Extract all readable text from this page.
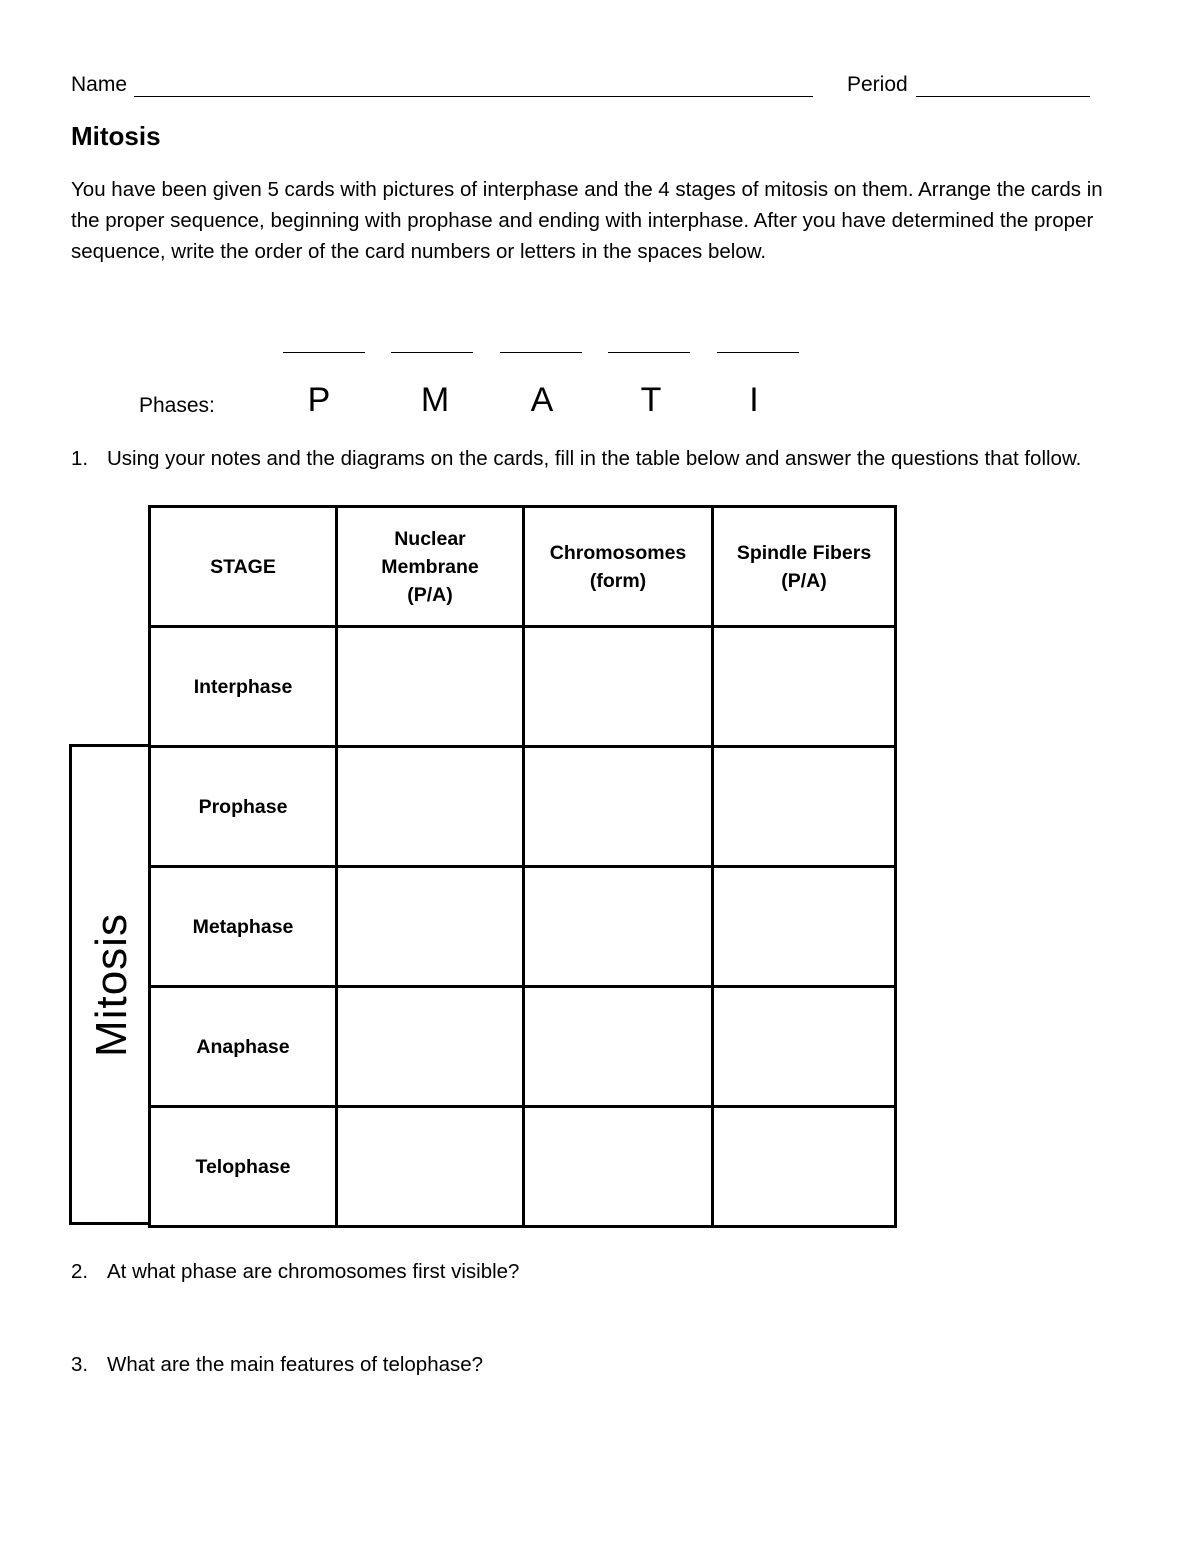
Name	Period
Mitosis
You have been given 5 cards with pictures of interphase and the 4 stages of mitosis on them. Arrange the cards in the proper sequence, beginning with prophase and ending with interphase. After you have determined the proper sequence, write the order of the card numbers or letters in the spaces below.
Phases:	P	M	A	T	I
1. Using your notes and the diagrams on the cards, fill in the table below and answer the questions that follow.
Mitosis
STAGE	Nuclear Membrane (P/A)	Chromosomes (form)	Spindle Fibers (P/A)

Interphase			
Prophase			
Metaphase			
Anaphase			
Telophase			
2. At what phase are chromosomes first visible?
3. What are the main features of telophase?
